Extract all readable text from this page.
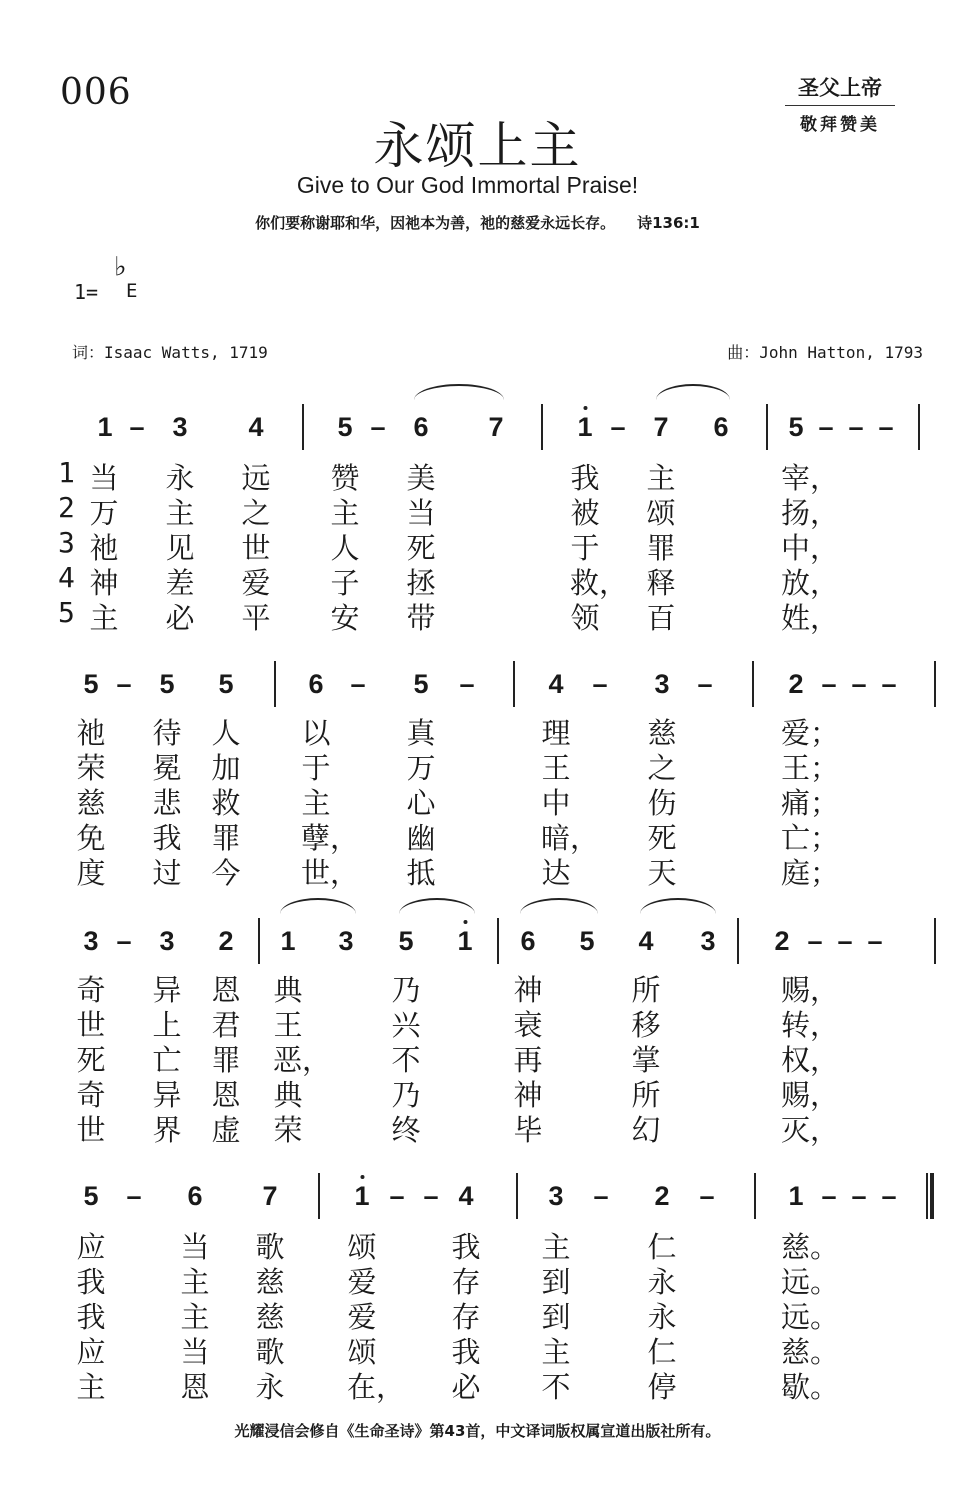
006	圣父上帝
敬拜赞美
永颂上主
Give to Our God Immortal Praise!
你们要称谢耶和华，因祂本为善，祂的慈爱永远长存。 诗136:1
1=
♭
E
词：Isaac Watts, 1719	曲：John Hatton, 1793
1 – 3 4	5 – 6 7	1 – 7 6 5 – – –
1 当 永 远 赞 美	我 主	宰，
2 万 主 之 主 当	被 颂	扬，
3 祂 见 世 人 死	于 罪	中，
4 神 差 爱 子 拯	救， 释	放，
5 主 必 平 安 带	领 百	姓，
5 – 5 5	6 – 5 –	4 – 3 –	2 – – –
祂 待 人 以	真	理	慈	爱；
荣 冕 加 于	万	王	之	王；
慈 悲 救 主	心	中	伤	痛；
免 我 罪 孽， 幽	暗， 死	亡；
度 过 今 世， 抵	达	天	庭；
3 – 3 2 1 3 5 1 6 5 4 3 2 – – –
奇 异 恩 典	乃	神	所	赐，
世 上 君 王	兴	衰	移	转，
死 亡 罪 恶， 不	再	掌	权，
奇 异 恩 典	乃	神	所	赐，
世 界 虚 荣	终	毕	幻	灭，
5 – 6 7	1 – – 4	3 – 2 –	1 – – –
应	当 歌 颂	我 主	仁	慈。
我	主 慈 爱	存 到	永	远。
我	主 慈 爱	存 到	永	远。
应	当 歌 颂	我 主	仁	慈。
主	恩 永 在， 必 不	停	歇。
光耀浸信会修自《生命圣诗》第43首，中文译词版权属宣道出版社所有。
